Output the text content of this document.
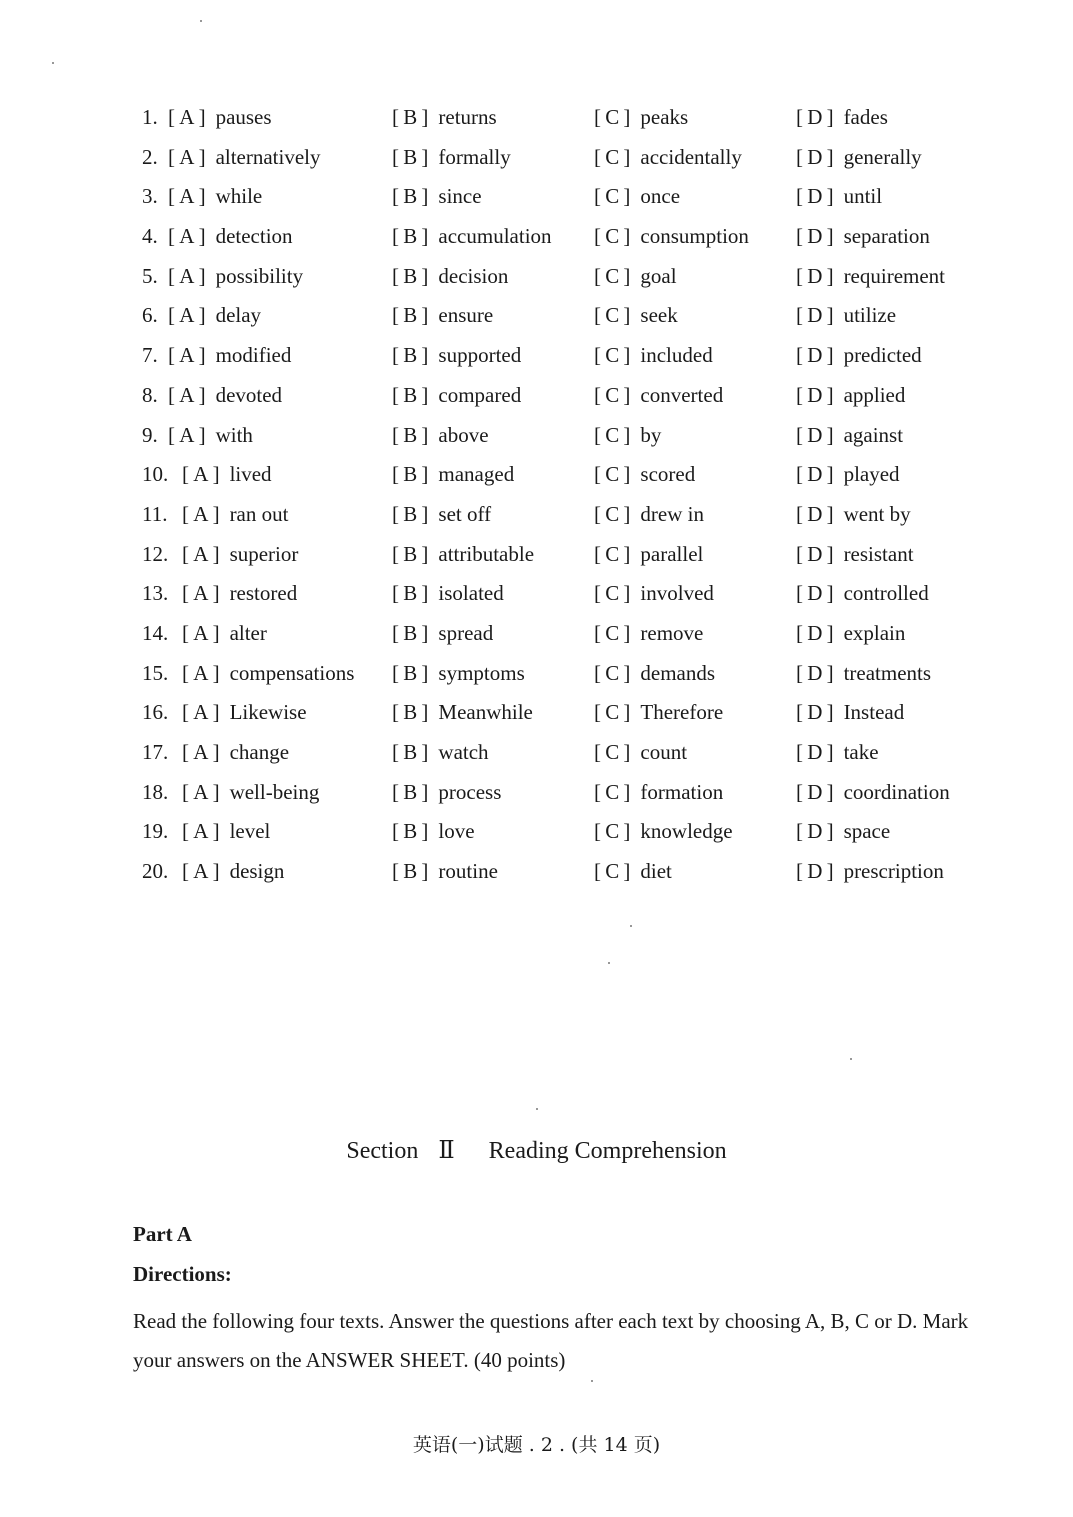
1. [ A ] pauses	[ B ] returns	[ C ] peaks	[ D ] fades
2. [ A ] alternatively	[ B ] formally	[ C ] accidentally	[ D ] generally
3. [ A ] while	[ B ] since	[ C ] once	[ D ] until
4. [ A ] detection	[ B ] accumulation [ C ] consumption [ D ] separation
5. [ A ] possibility	[ B ] decision	[ C ] goal	[ D ] requirement
6. [ A ] delay	[ B ] ensure	[ C ] seek	[ D ] utilize
7. [ A ] modified	[ B ] supported	[ C ] included	[ D ] predicted
8. [ A ] devoted	[ B ] compared	[ C ] converted	[ D ] applied
9. [ A ] with	[ B ] above	[ C ] by	[ D ] against
10. [ A ] lived	[ B ] managed	[ C ] scored	[ D ] played
11. [ A ] ran out	[ B ] set off	[ C ] drew in	[ D ] went by
12. [ A ] superior	[ B ] attributable	[ C ] parallel	[ D ] resistant
13. [ A ] restored	[ B ] isolated	[ C ] involved	[ D ] controlled
14. [ A ] alter	[ B ] spread	[ C ] remove	[ D ] explain
15. [ A ] compensations [ B ] symptoms	[ C ] demands	[ D ] treatments
16. [ A ] Likewise	[ B ] Meanwhile	[ C ] Therefore	[ D ] Instead
17. [ A ] change	[ B ] watch	[ C ] count	[ D ] take
18. [ A ] well-being	[ B ] process	[ C ] formation	[ D ] coordination
19. [ A ] level	[ B ] love	[ C ] knowledge	[ D ] space
20. [ A ] design	[ B ] routine	[ C ] diet	[ D ] prescription
Section Ⅱ Reading Comprehension
Part A
Directions:
Read the following four texts. Answer the questions after each text by choosing A, B, C or D. Mark your answers on the ANSWER SHEET. (40 points)
英语(一)试题 . 2 . (共 14 页)
